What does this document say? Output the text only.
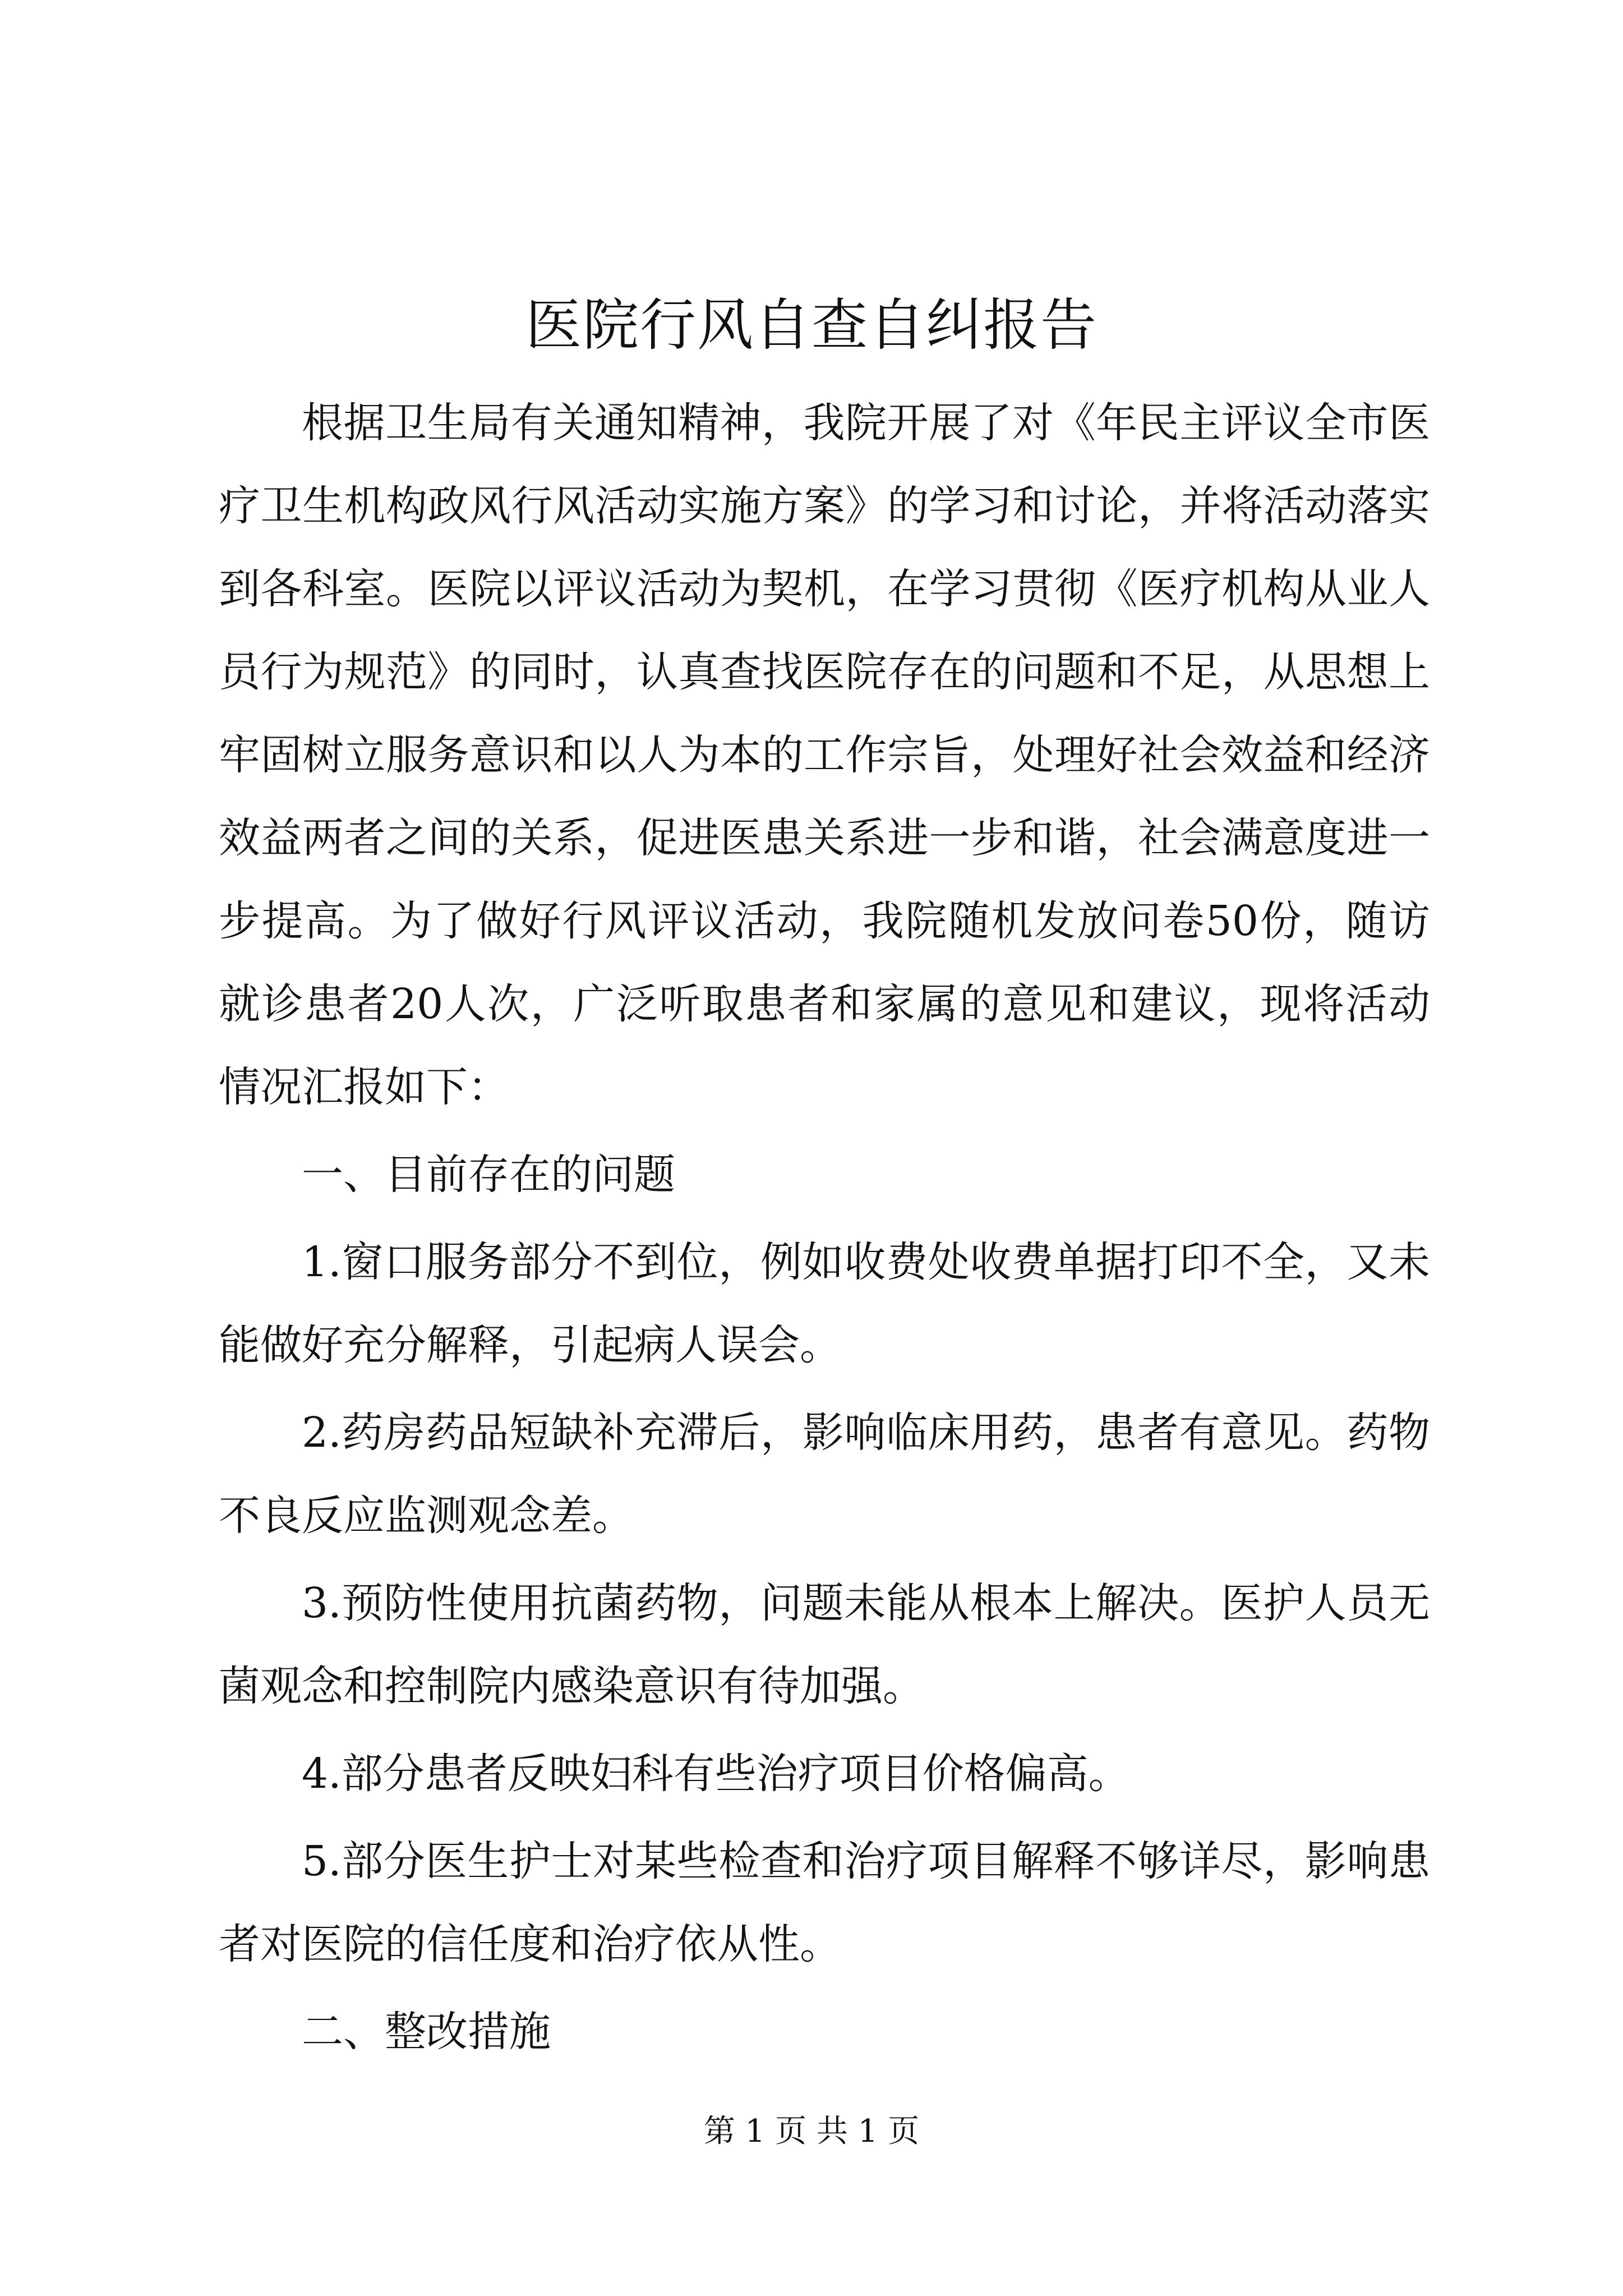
医院行风自查自纠报告

根据卫生局有关通知精神，我院开展了对《年民主评议全市医疗卫生机构政风行风活动实施方案》的学习和讨论，并将活动落实到各科室。医院以评议活动为契机，在学习贯彻《医疗机构从业人员行为规范》的同时，认真查找医院存在的问题和不足，从思想上牢固树立服务意识和以人为本的工作宗旨，处理好社会效益和经济效益两者之间的关系，促进医患关系进一步和谐，社会满意度进一步提高。为了做好行风评议活动，我院随机发放问卷50份，随访就诊患者20人次，广泛听取患者和家属的意见和建议，现将活动情况汇报如下：

一、目前存在的问题

1.窗口服务部分不到位，例如收费处收费单据打印不全，又未能做好充分解释，引起病人误会。

2.药房药品短缺补充滞后，影响临床用药，患者有意见。药物不良反应监测观念差。

3.预防性使用抗菌药物，问题未能从根本上解决。医护人员无菌观念和控制院内感染意识有待加强。

4.部分患者反映妇科有些治疗项目价格偏高。

5.部分医生护士对某些检查和治疗项目解释不够详尽，影响患者对医院的信任度和治疗依从性。

二、整改措施

第 1 页 共 1 页
